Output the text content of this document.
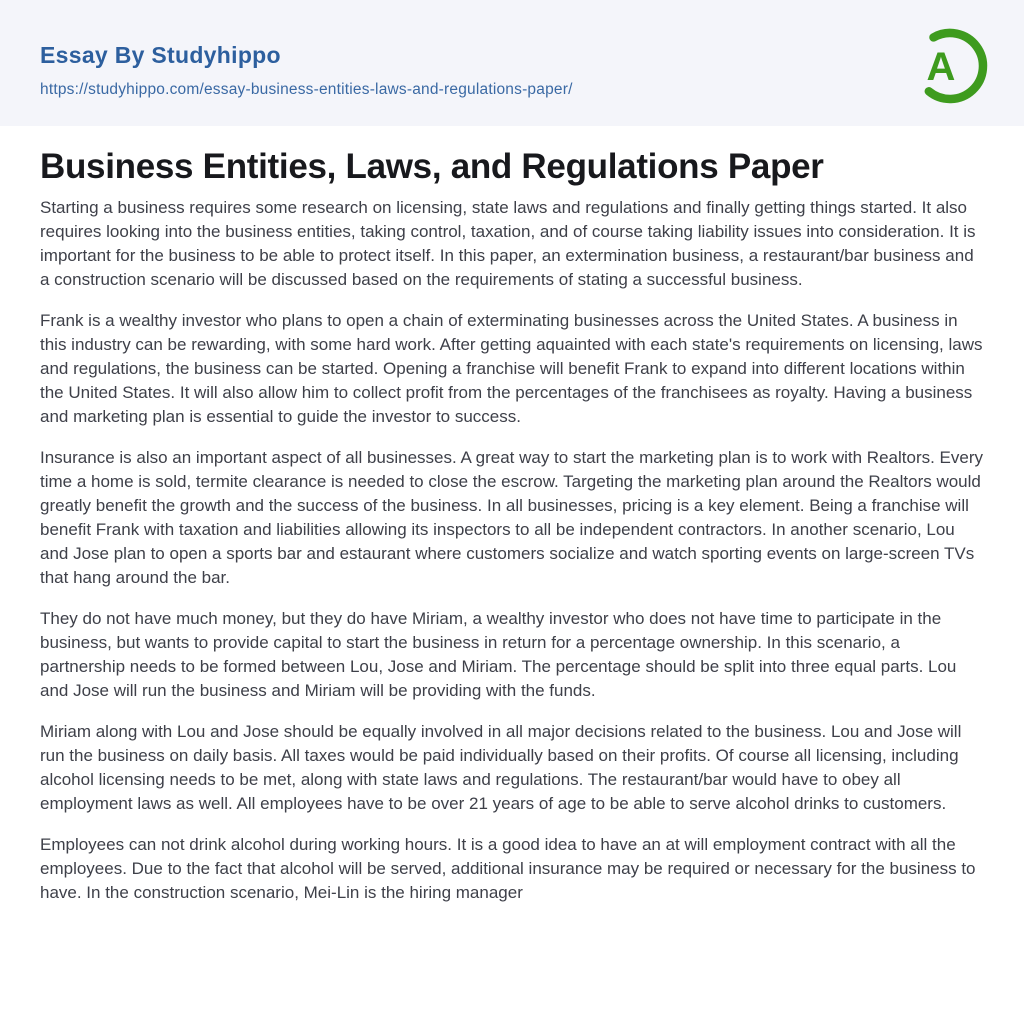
Essay By Studyhippo
https://studyhippo.com/essay-business-entities-laws-and-regulations-paper/
A
Business Entities, Laws, and Regulations Paper

Starting a business requires some research on licensing, state laws and regulations and finally getting things started. It also requires looking into the business entities, taking control, taxation, and of course taking liability issues into consideration. It is important for the business to be able to protect itself. In this paper, an extermination business, a restaurant/bar business and a construction scenario will be discussed based on the requirements of stating a successful business.

Frank is a wealthy investor who plans to open a chain of exterminating businesses across the United States. A business in this industry can be rewarding, with some hard work. After getting aquainted with each state's requirements on licensing, laws and regulations, the business can be started. Opening a franchise will benefit Frank to expand into different locations within the United States. It will also allow him to collect profit from the percentages of the franchisees as royalty. Having a business and marketing plan is essential to guide the investor to success.

Insurance is also an important aspect of all businesses. A great way to start the marketing plan is to work with Realtors. Every time a home is sold, termite clearance is needed to close the escrow. Targeting the marketing plan around the Realtors would greatly benefit the growth and the success of the business. In all businesses, pricing is a key element. Being a franchise will benefit Frank with taxation and liabilities allowing its inspectors to all be independent contractors. In another scenario, Lou and Jose plan to open a sports bar and estaurant where customers socialize and watch sporting events on large-screen TVs that hang around the bar.

They do not have much money, but they do have Miriam, a wealthy investor who does not have time to participate in the business, but wants to provide capital to start the business in return for a percentage ownership. In this scenario, a partnership needs to be formed between Lou, Jose and Miriam. The percentage should be split into three equal parts. Lou and Jose will run the business and Miriam will be providing with the funds.

Miriam along with Lou and Jose should be equally involved in all major decisions related to the business. Lou and Jose will run the business on daily basis. All taxes would be paid individually based on their profits. Of course all licensing, including alcohol licensing needs to be met, along with state laws and regulations. The restaurant/bar would have to obey all employment laws as well. All employees have to be over 21 years of age to be able to serve alcohol drinks to customers.

Employees can not drink alcohol during working hours. It is a good idea to have an at will employment contract with all the employees. Due to the fact that alcohol will be served, additional insurance may be required or necessary for the business to have. In the construction scenario, Mei-Lin is the hiring manager
